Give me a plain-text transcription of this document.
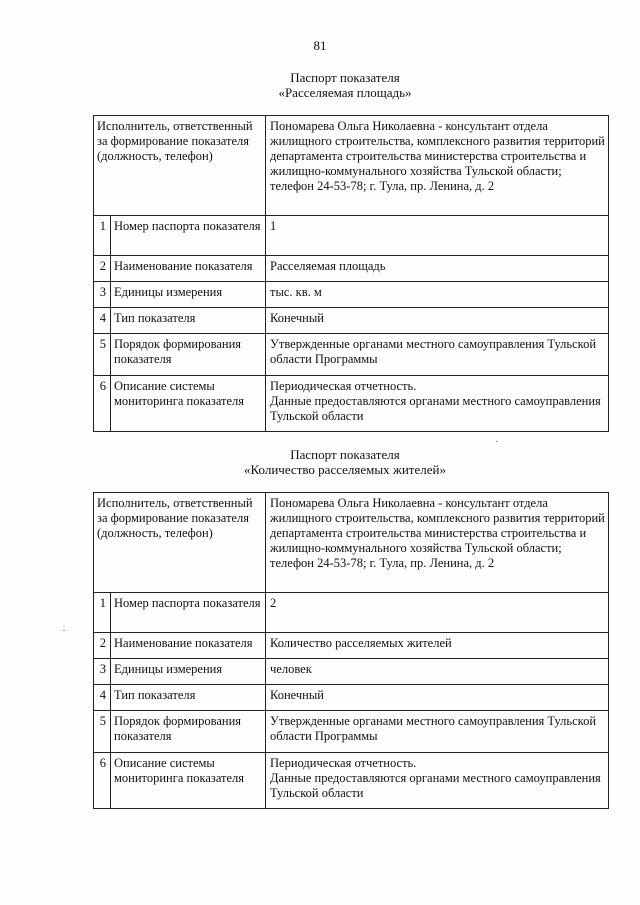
81
Паспорт показателя
«Расселяемая площадь»
Исполнитель, ответственный за формирование показателя (должность, телефон)		Пономарева Ольга Николаевна - консультант отдела жилищного строительства, комплексного развития территорий департамента строительства министерства строительства и жилищно-коммунального хозяйства Тульской области; телефон 24-53-78; г. Тула, пр. Ленина, д. 2
1	Номер паспорта показателя	1
2	Наименование показателя	Расселяемая площадь
3	Единицы измерения	тыс. кв. м
4	Тип показателя	Конечный
5	Порядок формирования показателя	Утвержденные органами местного самоуправления Тульской области Программы
6	Описание системы мониторинга показателя	Периодическая отчетность.
Данные предоставляются органами местного самоуправления Тульской области
Паспорт показателя
«Количество расселяемых жителей»
Исполнитель, ответственный за формирование показателя (должность, телефон)		Пономарева Ольга Николаевна - консультант отдела жилищного строительства, комплексного развития территорий департамента строительства министерства строительства и жилищно-коммунального хозяйства Тульской области; телефон 24-53-78; г. Тула, пр. Ленина, д. 2
1	Номер паспорта показателя	2
2	Наименование показателя	Количество расселяемых жителей
3	Единицы измерения	человек
4	Тип показателя	Конечный
5	Порядок формирования показателя	Утвержденные органами местного самоуправления Тульской области Программы
6	Описание системы мониторинга показателя	Периодическая отчетность.
Данные предоставляются органами местного самоуправления Тульской области
